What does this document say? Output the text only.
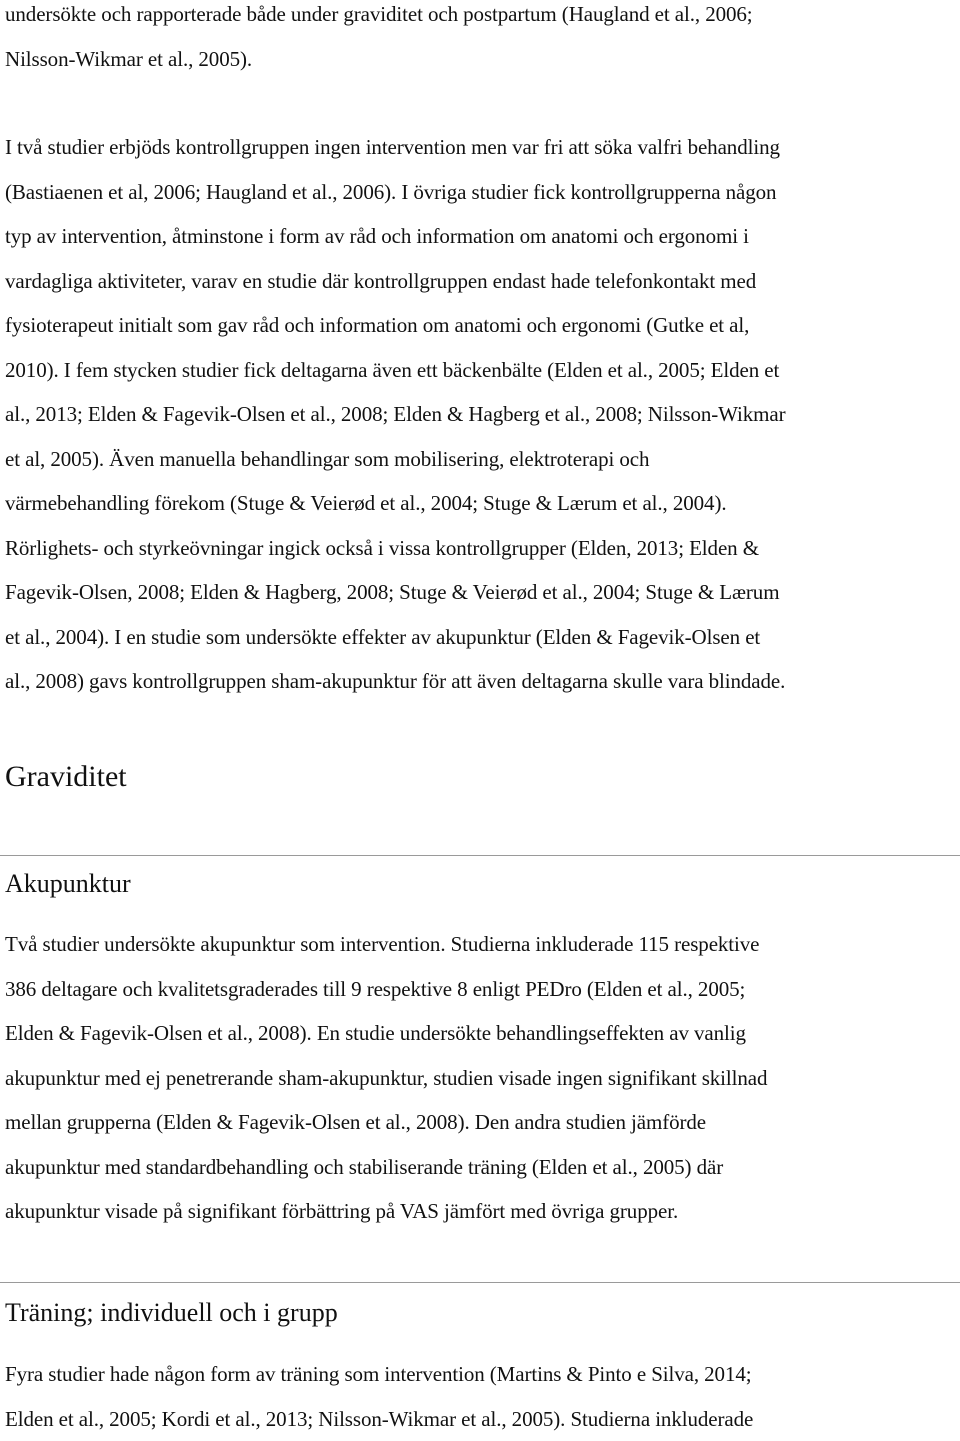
undersökte och rapporterade både under graviditet och postpartum (Haugland et al., 2006;
Nilsson-Wikmar et al., 2005).

I två studier erbjöds kontrollgruppen ingen intervention men var fri att söka valfri behandling
(Bastiaenen et al, 2006; Haugland et al., 2006). I övriga studier fick kontrollgrupperna någon
typ av intervention, åtminstone i form av råd och information om anatomi och ergonomi i
vardagliga aktiviteter, varav en studie där kontrollgruppen endast hade telefonkontakt med
fysioterapeut initialt som gav råd och information om anatomi och ergonomi (Gutke et al,
2010). I fem stycken studier fick deltagarna även ett bäckenbälte (Elden et al., 2005; Elden et
al., 2013; Elden & Fagevik-Olsen et al., 2008; Elden & Hagberg et al., 2008; Nilsson-Wikmar
et al, 2005). Även manuella behandlingar som mobilisering, elektroterapi och
värmebehandling förekom (Stuge & Veierød et al., 2004; Stuge & Lærum et al., 2004).
Rörlighets- och styrkeövningar ingick också i vissa kontrollgrupper (Elden, 2013; Elden &
Fagevik-Olsen, 2008; Elden & Hagberg, 2008; Stuge & Veierød et al., 2004; Stuge & Lærum
et al., 2004). I en studie som undersökte effekter av akupunktur (Elden & Fagevik-Olsen et
al., 2008) gavs kontrollgruppen sham-akupunktur för att även deltagarna skulle vara blindade.

Graviditet
Akupunktur

Två studier undersökte akupunktur som intervention. Studierna inkluderade 115 respektive
386 deltagare och kvalitetsgraderades till 9 respektive 8 enligt PEDro (Elden et al., 2005;
Elden & Fagevik-Olsen et al., 2008). En studie undersökte behandlingseffekten av vanlig
akupunktur med ej penetrerande sham-akupunktur, studien visade ingen signifikant skillnad
mellan grupperna (Elden & Fagevik-Olsen et al., 2008). Den andra studien jämförde
akupunktur med standardbehandling och stabiliserande träning (Elden et al., 2005) där
akupunktur visade på signifikant förbättring på VAS jämfört med övriga grupper.

Träning; individuell och i grupp

Fyra studier hade någon form av träning som intervention (Martins & Pinto e Silva, 2014;
Elden et al., 2005; Kordi et al., 2013; Nilsson-Wikmar et al., 2005). Studierna inkluderade
